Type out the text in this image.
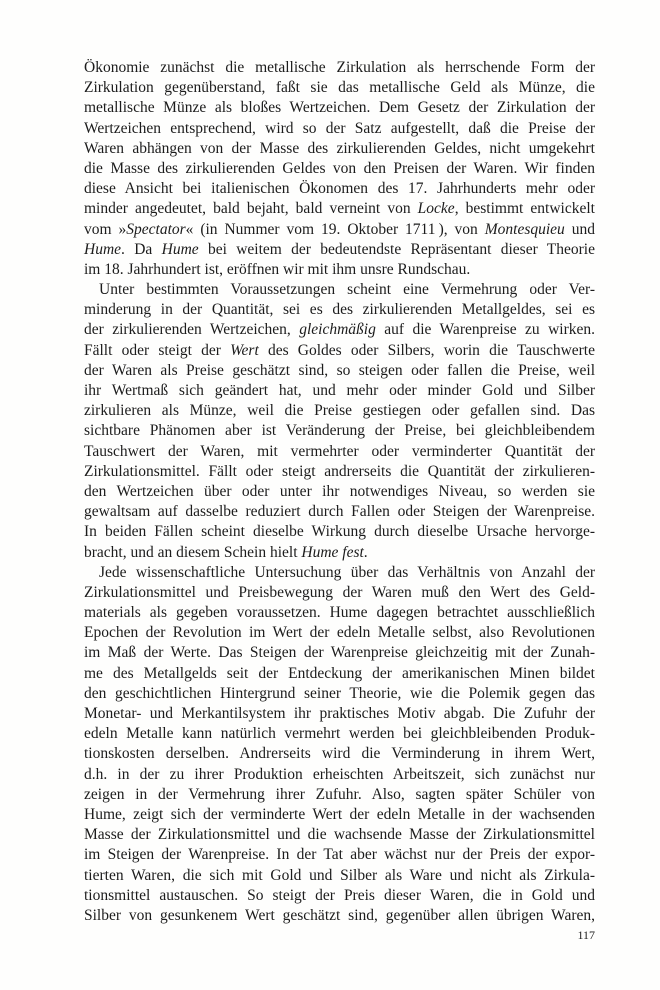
Ökonomie zunächst die metallische Zirkulation als herrschende Form der
Zirkulation gegenüberstand, faßt sie das metallische Geld als Münze, die
metallische Münze als bloßes Wertzeichen. Dem Gesetz der Zirkulation der
Wertzeichen entsprechend, wird so der Satz aufgestellt, daß die Preise der
Waren abhängen von der Masse des zirkulierenden Geldes, nicht umgekehrt
die Masse des zirkulierenden Geldes von den Preisen der Waren. Wir finden
diese Ansicht bei italienischen Ökonomen des 17. Jahrhunderts mehr oder
minder angedeutet, bald bejaht, bald verneint von Locke, bestimmt entwickelt
vom »Spectator« (in Nummer vom 19. Oktober 1711 ), von Montesquieu und
Hume. Da Hume bei weitem der bedeutendste Repräsentant dieser Theorie
im 18. Jahrhundert ist, eröffnen wir mit ihm unsre Rundschau.
Unter bestimmten Voraussetzungen scheint eine Vermehrung oder Ver-
minderung in der Quantität, sei es des zirkulierenden Metallgeldes, sei es
der zirkulierenden Wertzeichen, gleichmäßig auf die Warenpreise zu wirken.
Fällt oder steigt der Wert des Goldes oder Silbers, worin die Tauschwerte
der Waren als Preise geschätzt sind, so steigen oder fallen die Preise, weil
ihr Wertmaß sich geändert hat, und mehr oder minder Gold und Silber
zirkulieren als Münze, weil die Preise gestiegen oder gefallen sind. Das
sichtbare Phänomen aber ist Veränderung der Preise, bei gleichbleibendem
Tauschwert der Waren, mit vermehrter oder verminderter Quantität der
Zirkulationsmittel. Fällt oder steigt andrerseits die Quantität der zirkulieren-
den Wertzeichen über oder unter ihr notwendiges Niveau, so werden sie
gewaltsam auf dasselbe reduziert durch Fallen oder Steigen der Warenpreise.
In beiden Fällen scheint dieselbe Wirkung durch dieselbe Ursache hervorge-
bracht, und an diesem Schein hielt Hume fest.
Jede wissenschaftliche Untersuchung über das Verhältnis von Anzahl der
Zirkulationsmittel und Preisbewegung der Waren muß den Wert des Geld-
materials als gegeben voraussetzen. Hume dagegen betrachtet ausschließlich
Epochen der Revolution im Wert der edeln Metalle selbst, also Revolutionen
im Maß der Werte. Das Steigen der Warenpreise gleichzeitig mit der Zunah-
me des Metallgelds seit der Entdeckung der amerikanischen Minen bildet
den geschichtlichen Hintergrund seiner Theorie, wie die Polemik gegen das
Monetar- und Merkantilsystem ihr praktisches Motiv abgab. Die Zufuhr der
edeln Metalle kann natürlich vermehrt werden bei gleichbleibenden Produk-
tionskosten derselben. Andrerseits wird die Verminderung in ihrem Wert,
d.h. in der zu ihrer Produktion erheischten Arbeitszeit, sich zunächst nur
zeigen in der Vermehrung ihrer Zufuhr. Also, sagten später Schüler von
Hume, zeigt sich der verminderte Wert der edeln Metalle in der wachsenden
Masse der Zirkulationsmittel und die wachsende Masse der Zirkulationsmittel
im Steigen der Warenpreise. In der Tat aber wächst nur der Preis der expor-
tierten Waren, die sich mit Gold und Silber als Ware und nicht als Zirkula-
tionsmittel austauschen. So steigt der Preis dieser Waren, die in Gold und
Silber von gesunkenem Wert geschätzt sind, gegenüber allen übrigen Waren,
117
